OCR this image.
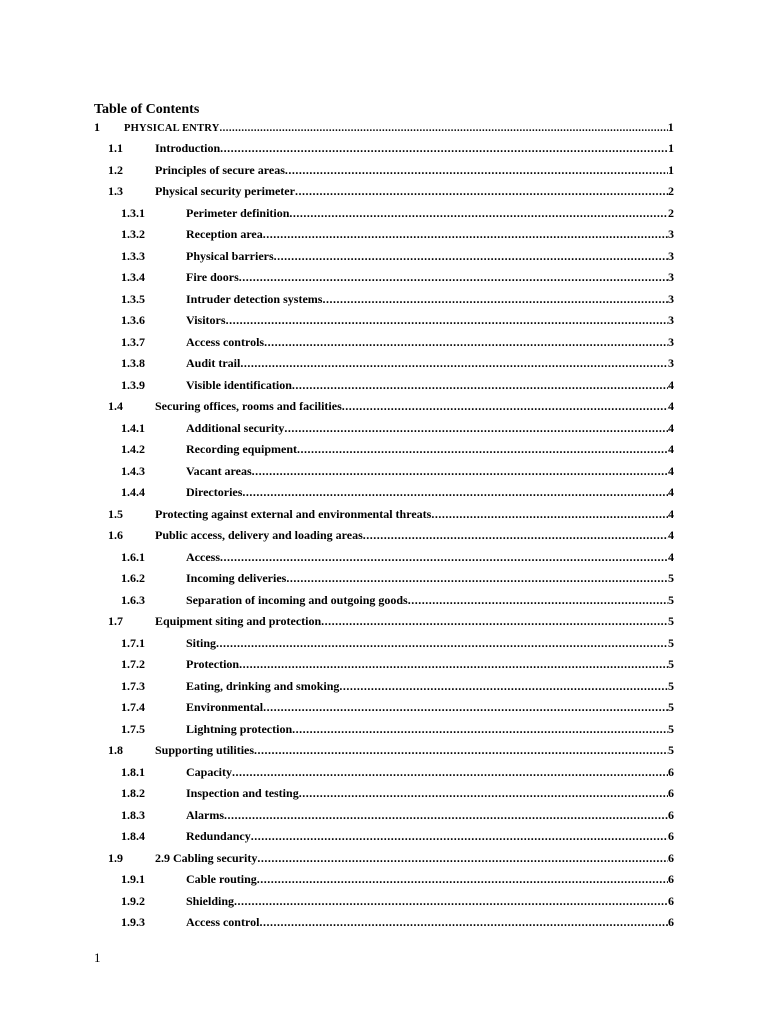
Table of Contents
1 PHYSICAL ENTRY .....	1
1.1	Introduction .....	1
1.2	Principles of secure areas .....	1
1.3	Physical security perimeter .....	2
1.3.1	Perimeter definition .....	2
1.3.2	Reception area .....	3
1.3.3	Physical barriers .....	3
1.3.4	Fire doors .....	3
1.3.5	Intruder detection systems .....	3
1.3.6	Visitors .....	3
1.3.7	Access controls .....	3
1.3.8	Audit trail .....	3
1.3.9	Visible identification .....	4
1.4	Securing offices, rooms and facilities .....	4
1.4.1	Additional security .....	4
1.4.2	Recording equipment .....	4
1.4.3	Vacant areas .....	4
1.4.4	Directories .....	4
1.5	Protecting against external and environmental threats .....	4
1.6	Public access, delivery and loading areas .....	4
1.6.1	Access .....	4
1.6.2	Incoming deliveries .....	5
1.6.3	Separation of incoming and outgoing goods .....	5
1.7	Equipment siting and protection .....	5
1.7.1	Siting .....	5
1.7.2	Protection .....	5
1.7.3	Eating, drinking and smoking .....	5
1.7.4	Environmental .....	5
1.7.5	Lightning protection .....	5
1.8	Supporting utilities .....	5
1.8.1	Capacity .....	6
1.8.2	Inspection and testing .....	6
1.8.3	Alarms .....	6
1.8.4	Redundancy .....	6
1.9	2.9 Cabling security .....	6
1.9.1	Cable routing .....	6
1.9.2	Shielding .....	6
1.9.3	Access control .....	6
1
